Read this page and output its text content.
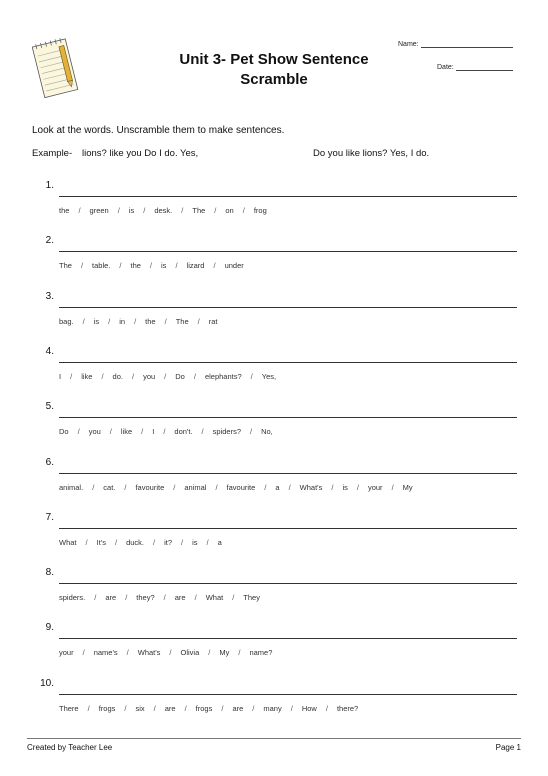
Unit 3- Pet Show Sentence Scramble
Name:
Date:
Look at the words. Unscramble them to make sentences.
Example- lions? like you Do I do. Yes,	Do you like lions? Yes, I do.
1.
the / green / is / desk. / The / on / frog
2.
The / table. / the / is / lizard / under
3.
bag. / is / in / the / The / rat
4.
I / like / do. / you / Do / elephants? / Yes,
5.
Do / you / like / I / don't. / spiders? / No,
6.
animal. / cat. / favourite / animal / favourite / a / What's / is / your / My
7.
What / It's / duck. / it? / is / a
8.
spiders. / are / they? / are / What / They
9.
your / name's / What's / Olivia / My / name?
10.
There / frogs / six / are / frogs / are / many / How / there?
Created by Teacher Lee	Page 1
